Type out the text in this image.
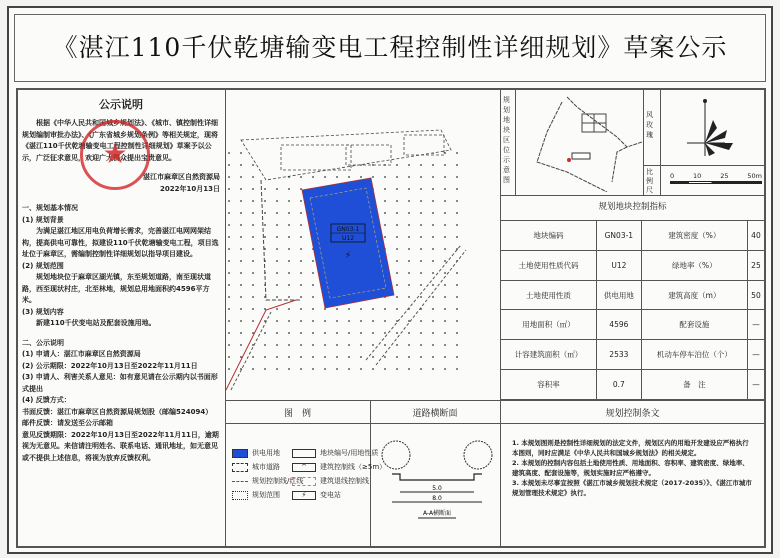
《湛江110千伏乾塘输变电工程控制性详细规划》草案公示
公示说明
根据《中华人民共和国城乡规划法》、《城市、镇控制性详细规划编制审批办法》、《广东省城乡规划条例》等相关规定，现将《湛江110千伏乾塘输变电工程控制性详细规划》草案予以公示，广泛征求意见，欢迎广大群众提出宝贵意见。
湛江市麻章区自然资源局
2022年10月13日
一、规划基本情况
(1) 规划背景
为满足湛江地区用电负荷增长需求，完善湛江电网网架结构，提高供电可靠性，拟建设110千伏乾塘输变电工程，项目选址位于麻章区，需编制控制性详细规划以指导项目建设。
(2) 规划范围
规划地块位于麻章区湖光镇，东至规划道路，南至现状道路，西至现状村庄，北至林地，规划总用地面积约4596平方米。
(3) 规划内容
新建110千伏变电站及配套设施用地。
二、公示说明
(1) 申请人：湛江市麻章区自然资源局
(2) 公示期限：2022年10月13日至2022年11月11日
(3) 申请人、利害关系人意见：如有意见请在公示期内以书面形式提出
(4) 反馈方式：
书面反馈：湛江市麻章区自然资源局规划股（邮编524094）
邮件反馈：请发送至公示邮箱
意见反馈期限：2022年10月13日至2022年11月11日，逾期视为无意见。来信请注明姓名、联系电话、通讯地址，如无意见或不提供上述信息，将视为放弃反馈权利。
★
GN03-1
U12
⚡
规划地块区位示意图
风玫瑰
比例尺
0	10	25	50m
规划地块控制指标
地块编码	GN03-1	建筑密度（%）	40
土地使用性质代码	U12	绿地率（%）	25
土地使用性质	供电用地	建筑高度（m）	50
用地面积（㎡）	4596	配套设施	—
计容建筑面积（㎡）	2533	机动车停车泊位（个）	—
容积率	0.7	备　注	—
图　例
供电用地
城市道路
规划控制线/红线
规划范围
地块编号/用地性质
^	建筑控制线（≥5m）
建筑退线控制线
⚡	变电站
道路横断面
5.0
8.0
A-A横断面
规划控制条文
1. 本规划图则是控制性详细规划的法定文件，规划区内的用地开发建设应严格执行本图则，同时应满足《中华人民共和国城乡规划法》的相关规定。
2. 本规划的控制内容包括土地使用性质、用地面积、容积率、建筑密度、绿地率、建筑高度、配套设施等，规划实施时应严格遵守。
3. 本规划未尽事宜按照《湛江市城乡规划技术规定（2017-2035）》、《湛江市城市规划管理技术规定》执行。
